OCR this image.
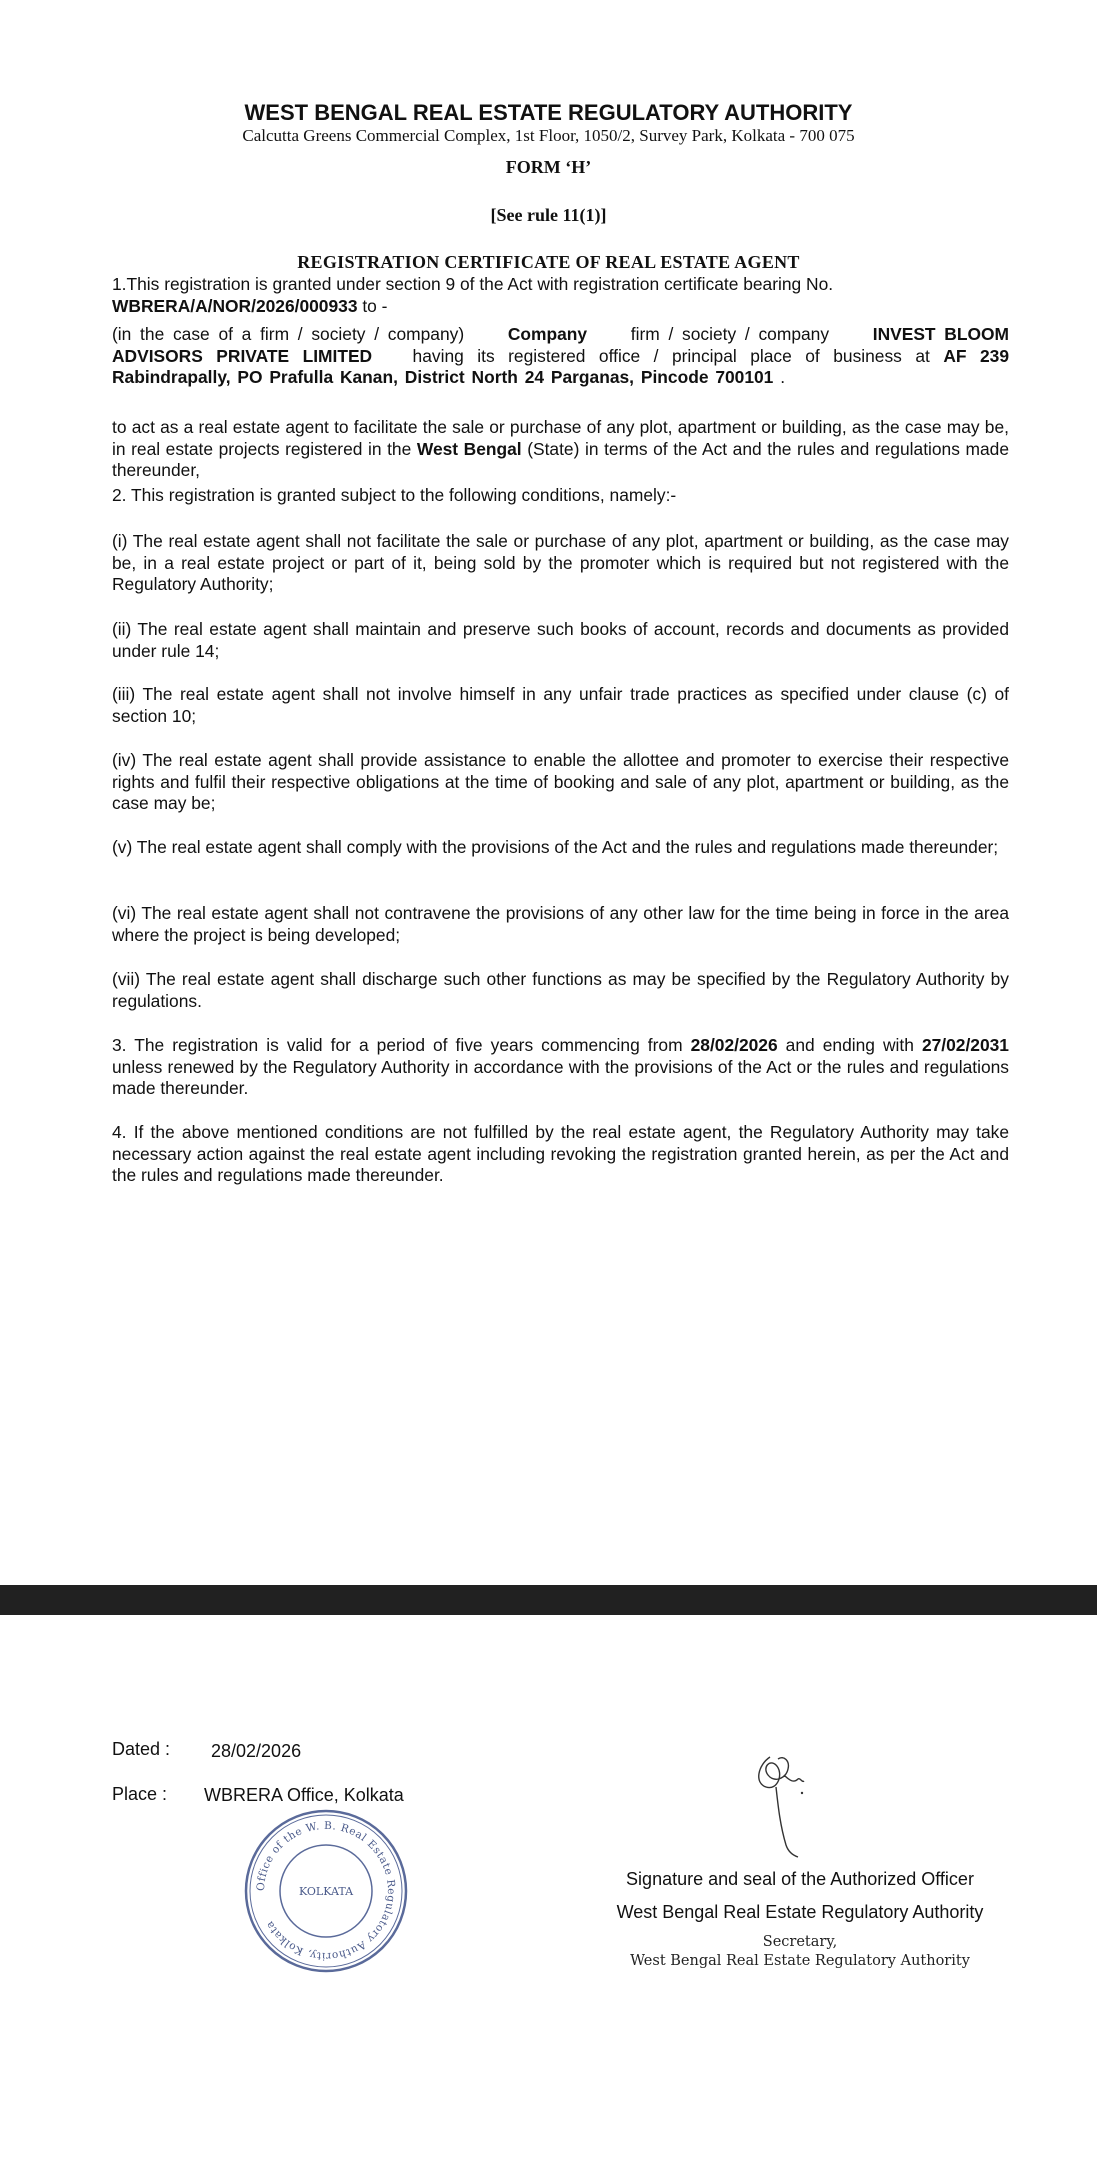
WEST BENGAL REAL ESTATE REGULATORY AUTHORITY
Calcutta Greens Commercial Complex, 1st Floor, 1050/2, Survey Park, Kolkata - 700 075
FORM ‘H’
[See rule 11(1)]
REGISTRATION CERTIFICATE OF REAL ESTATE AGENT
1.This registration is granted under section 9 of the Act with registration certificate bearing No.
WBRERA/A/NOR/2026/000933 to -
(in the case of a firm / society / company)	Company	firm / society / company	INVEST BLOOM ADVISORS PRIVATE LIMITED having its registered office / principal place of business at AF 239 Rabindrapally, PO Prafulla Kanan, District North 24 Parganas, Pincode 700101 .
to act as a real estate agent to facilitate the sale or purchase of any plot, apartment or building, as the case may be, in real estate projects registered in the West Bengal (State) in terms of the Act and the rules and regulations made thereunder,
2. This registration is granted subject to the following conditions, namely:-
(i) The real estate agent shall not facilitate the sale or purchase of any plot, apartment or building, as the case may be, in a real estate project or part of it, being sold by the promoter which is required but not registered with the Regulatory Authority;
(ii) The real estate agent shall maintain and preserve such books of account, records and documents as provided under rule 14;
(iii) The real estate agent shall not involve himself in any unfair trade practices as specified under clause (c) of section 10;
(iv) The real estate agent shall provide assistance to enable the allottee and promoter to exercise their respective rights and fulfil their respective obligations at the time of booking and sale of any plot, apartment or building, as the case may be;
(v) The real estate agent shall comply with the provisions of the Act and the rules and regulations made thereunder;
(vi) The real estate agent shall not contravene the provisions of any other law for the time being in force in the area where the project is being developed;
(vii) The real estate agent shall discharge such other functions as may be specified by the Regulatory Authority by regulations.
3. The registration is valid for a period of five years commencing from 28/02/2026 and ending with 27/02/2031 unless renewed by the Regulatory Authority in accordance with the provisions of the Act or the rules and regulations made thereunder.
4. If the above mentioned conditions are not fulfilled by the real estate agent, the Regulatory Authority may take necessary action against the real estate agent including revoking the registration granted herein, as per the Act and the rules and regulations made thereunder.
Dated : 28/02/2026
Place : WBRERA Office, Kolkata
Office of the W. B. Real Estate Regulatory Authority, Kolkata
KOLKATA
Signature and seal of the Authorized Officer
West Bengal Real Estate Regulatory Authority
Secretary,
West Bengal Real Estate Regulatory Authority
